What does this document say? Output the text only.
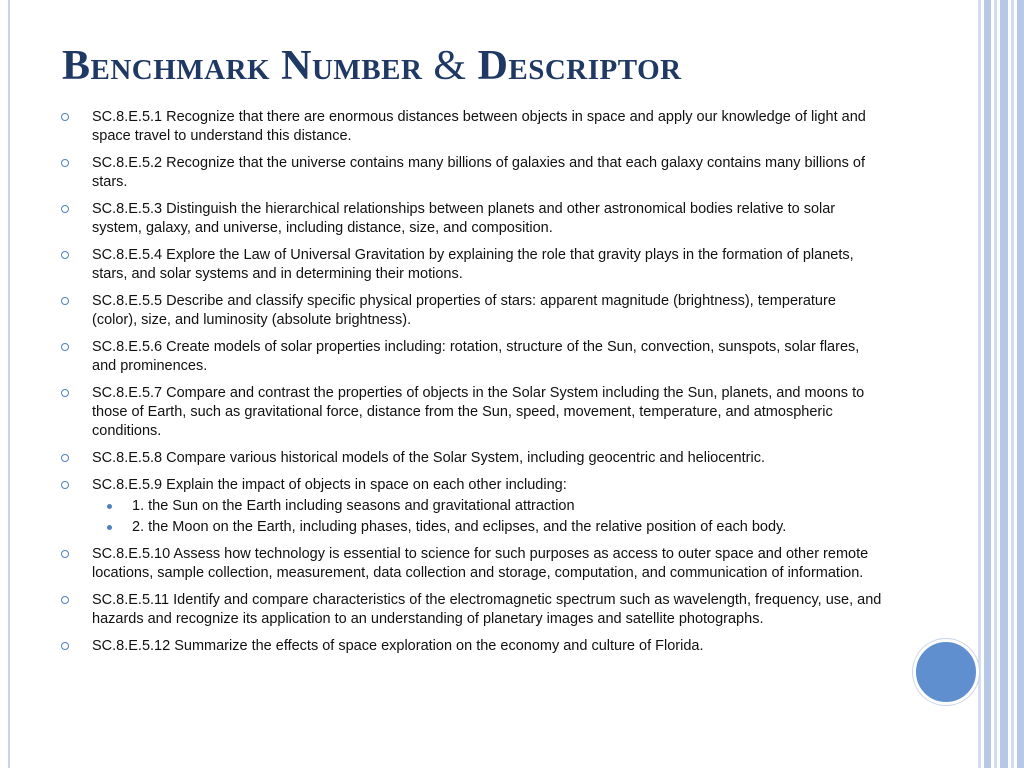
Benchmark Number & Descriptor
SC.8.E.5.1 Recognize that there are enormous distances between objects in space and apply our knowledge of light and space travel to understand this distance.
SC.8.E.5.2 Recognize that the universe contains many billions of galaxies and that each galaxy contains many billions of stars.
SC.8.E.5.3 Distinguish the hierarchical relationships between planets and other astronomical bodies relative to solar system, galaxy, and universe, including distance, size, and composition.
SC.8.E.5.4 Explore the Law of Universal Gravitation by explaining the role that gravity plays in the formation of planets, stars, and solar systems and in determining their motions.
SC.8.E.5.5 Describe and classify specific physical properties of stars: apparent magnitude (brightness), temperature (color), size, and luminosity (absolute brightness).
SC.8.E.5.6 Create models of solar properties including: rotation, structure of the Sun, convection, sunspots, solar flares, and prominences.
SC.8.E.5.7 Compare and contrast the properties of objects in the Solar System including the Sun, planets, and moons to those of Earth, such as gravitational force, distance from the Sun, speed, movement, temperature, and atmospheric conditions.
SC.8.E.5.8 Compare various historical models of the Solar System, including geocentric and heliocentric.
SC.8.E.5.9 Explain the impact of objects in space on each other including:
1. the Sun on the Earth including seasons and gravitational attraction
2. the Moon on the Earth, including phases, tides, and eclipses, and the relative position of each body.
SC.8.E.5.10 Assess how technology is essential to science for such purposes as access to outer space and other remote locations, sample collection, measurement, data collection and storage, computation, and communication of information.
SC.8.E.5.11 Identify and compare characteristics of the electromagnetic spectrum such as wavelength, frequency, use, and hazards and recognize its application to an understanding of planetary images and satellite photographs.
SC.8.E.5.12 Summarize the effects of space exploration on the economy and culture of Florida.
